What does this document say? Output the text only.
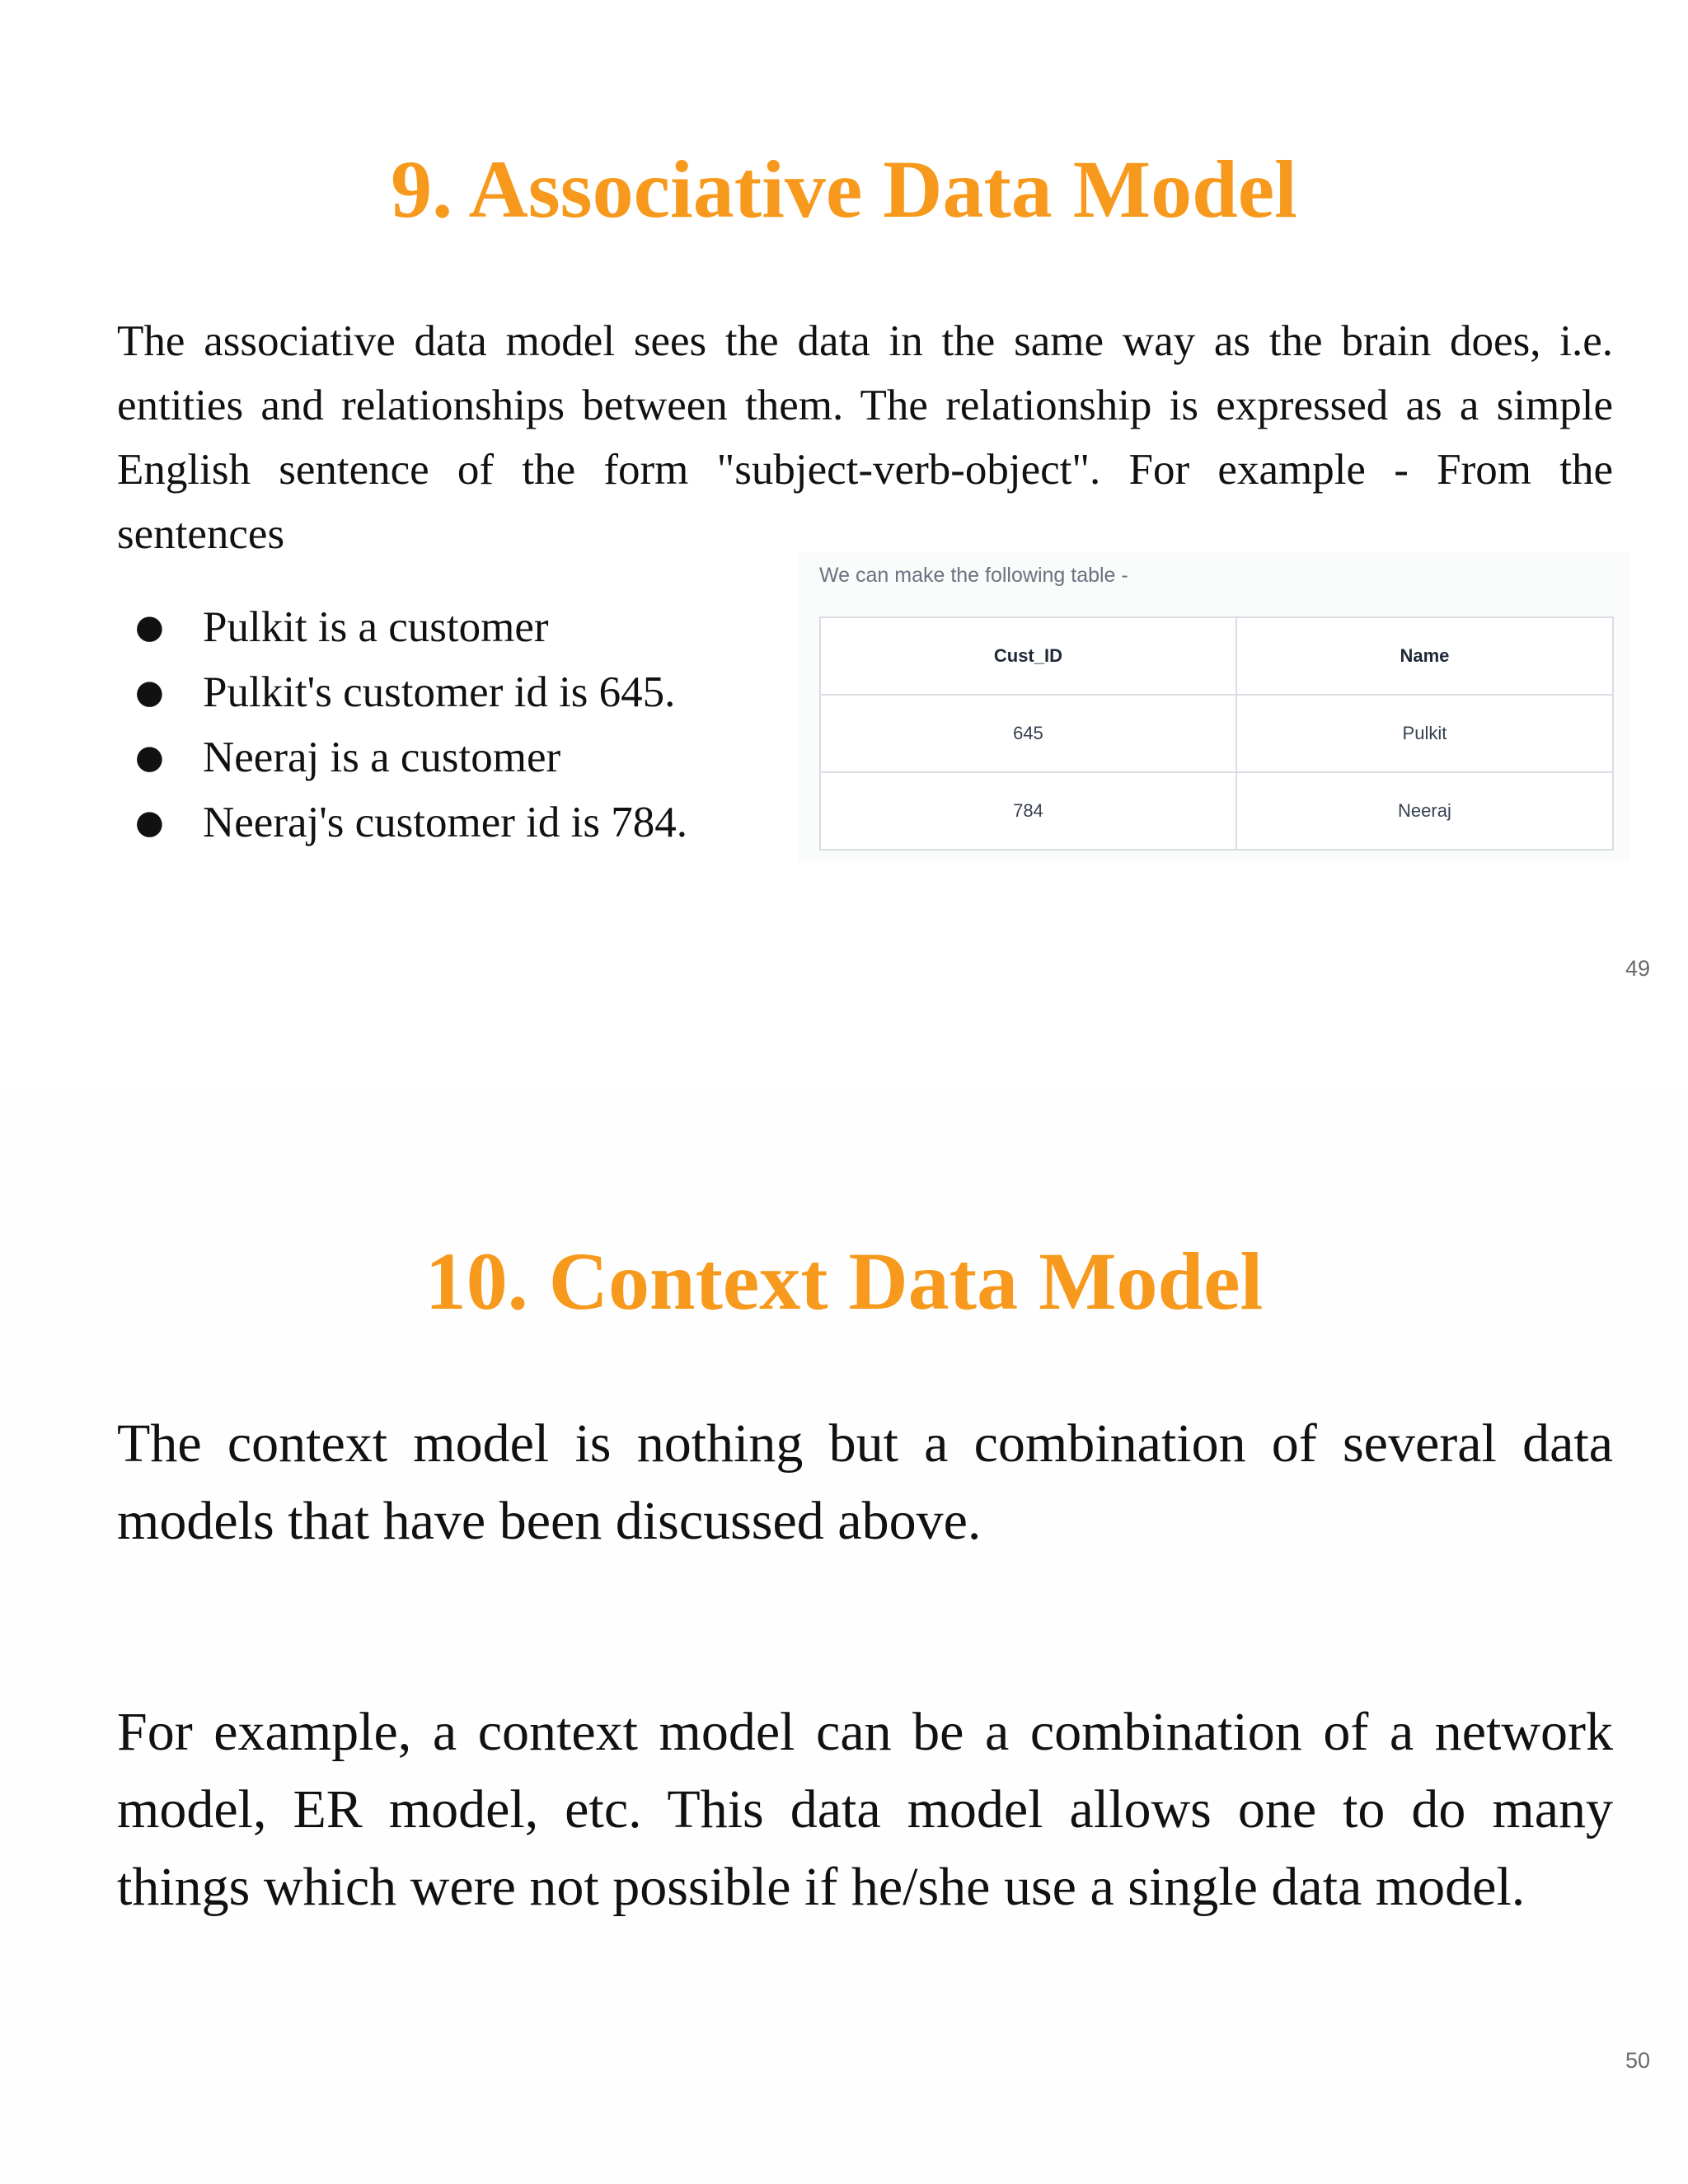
9. Associative Data Model

The associative data model sees the data in the same way as the brain does, i.e. entities and relationships between them. The relationship is expressed as a simple English sentence of the form "subject-verb-object". For example - From the sentences

● Pulkit is a customer
● Pulkit's customer id is 645.
● Neeraj is a customer
● Neeraj's customer id is 784.
We can make the following table -
Cust_ID	Name
645	Pulkit
784	Neeraj
49
10. Context Data Model

The context model is nothing but a combination of several data models that have been discussed above.

For example, a context model can be a combination of a network model, ER model, etc. This data model allows one to do many things which were not possible if he/she use a single data model.

50
